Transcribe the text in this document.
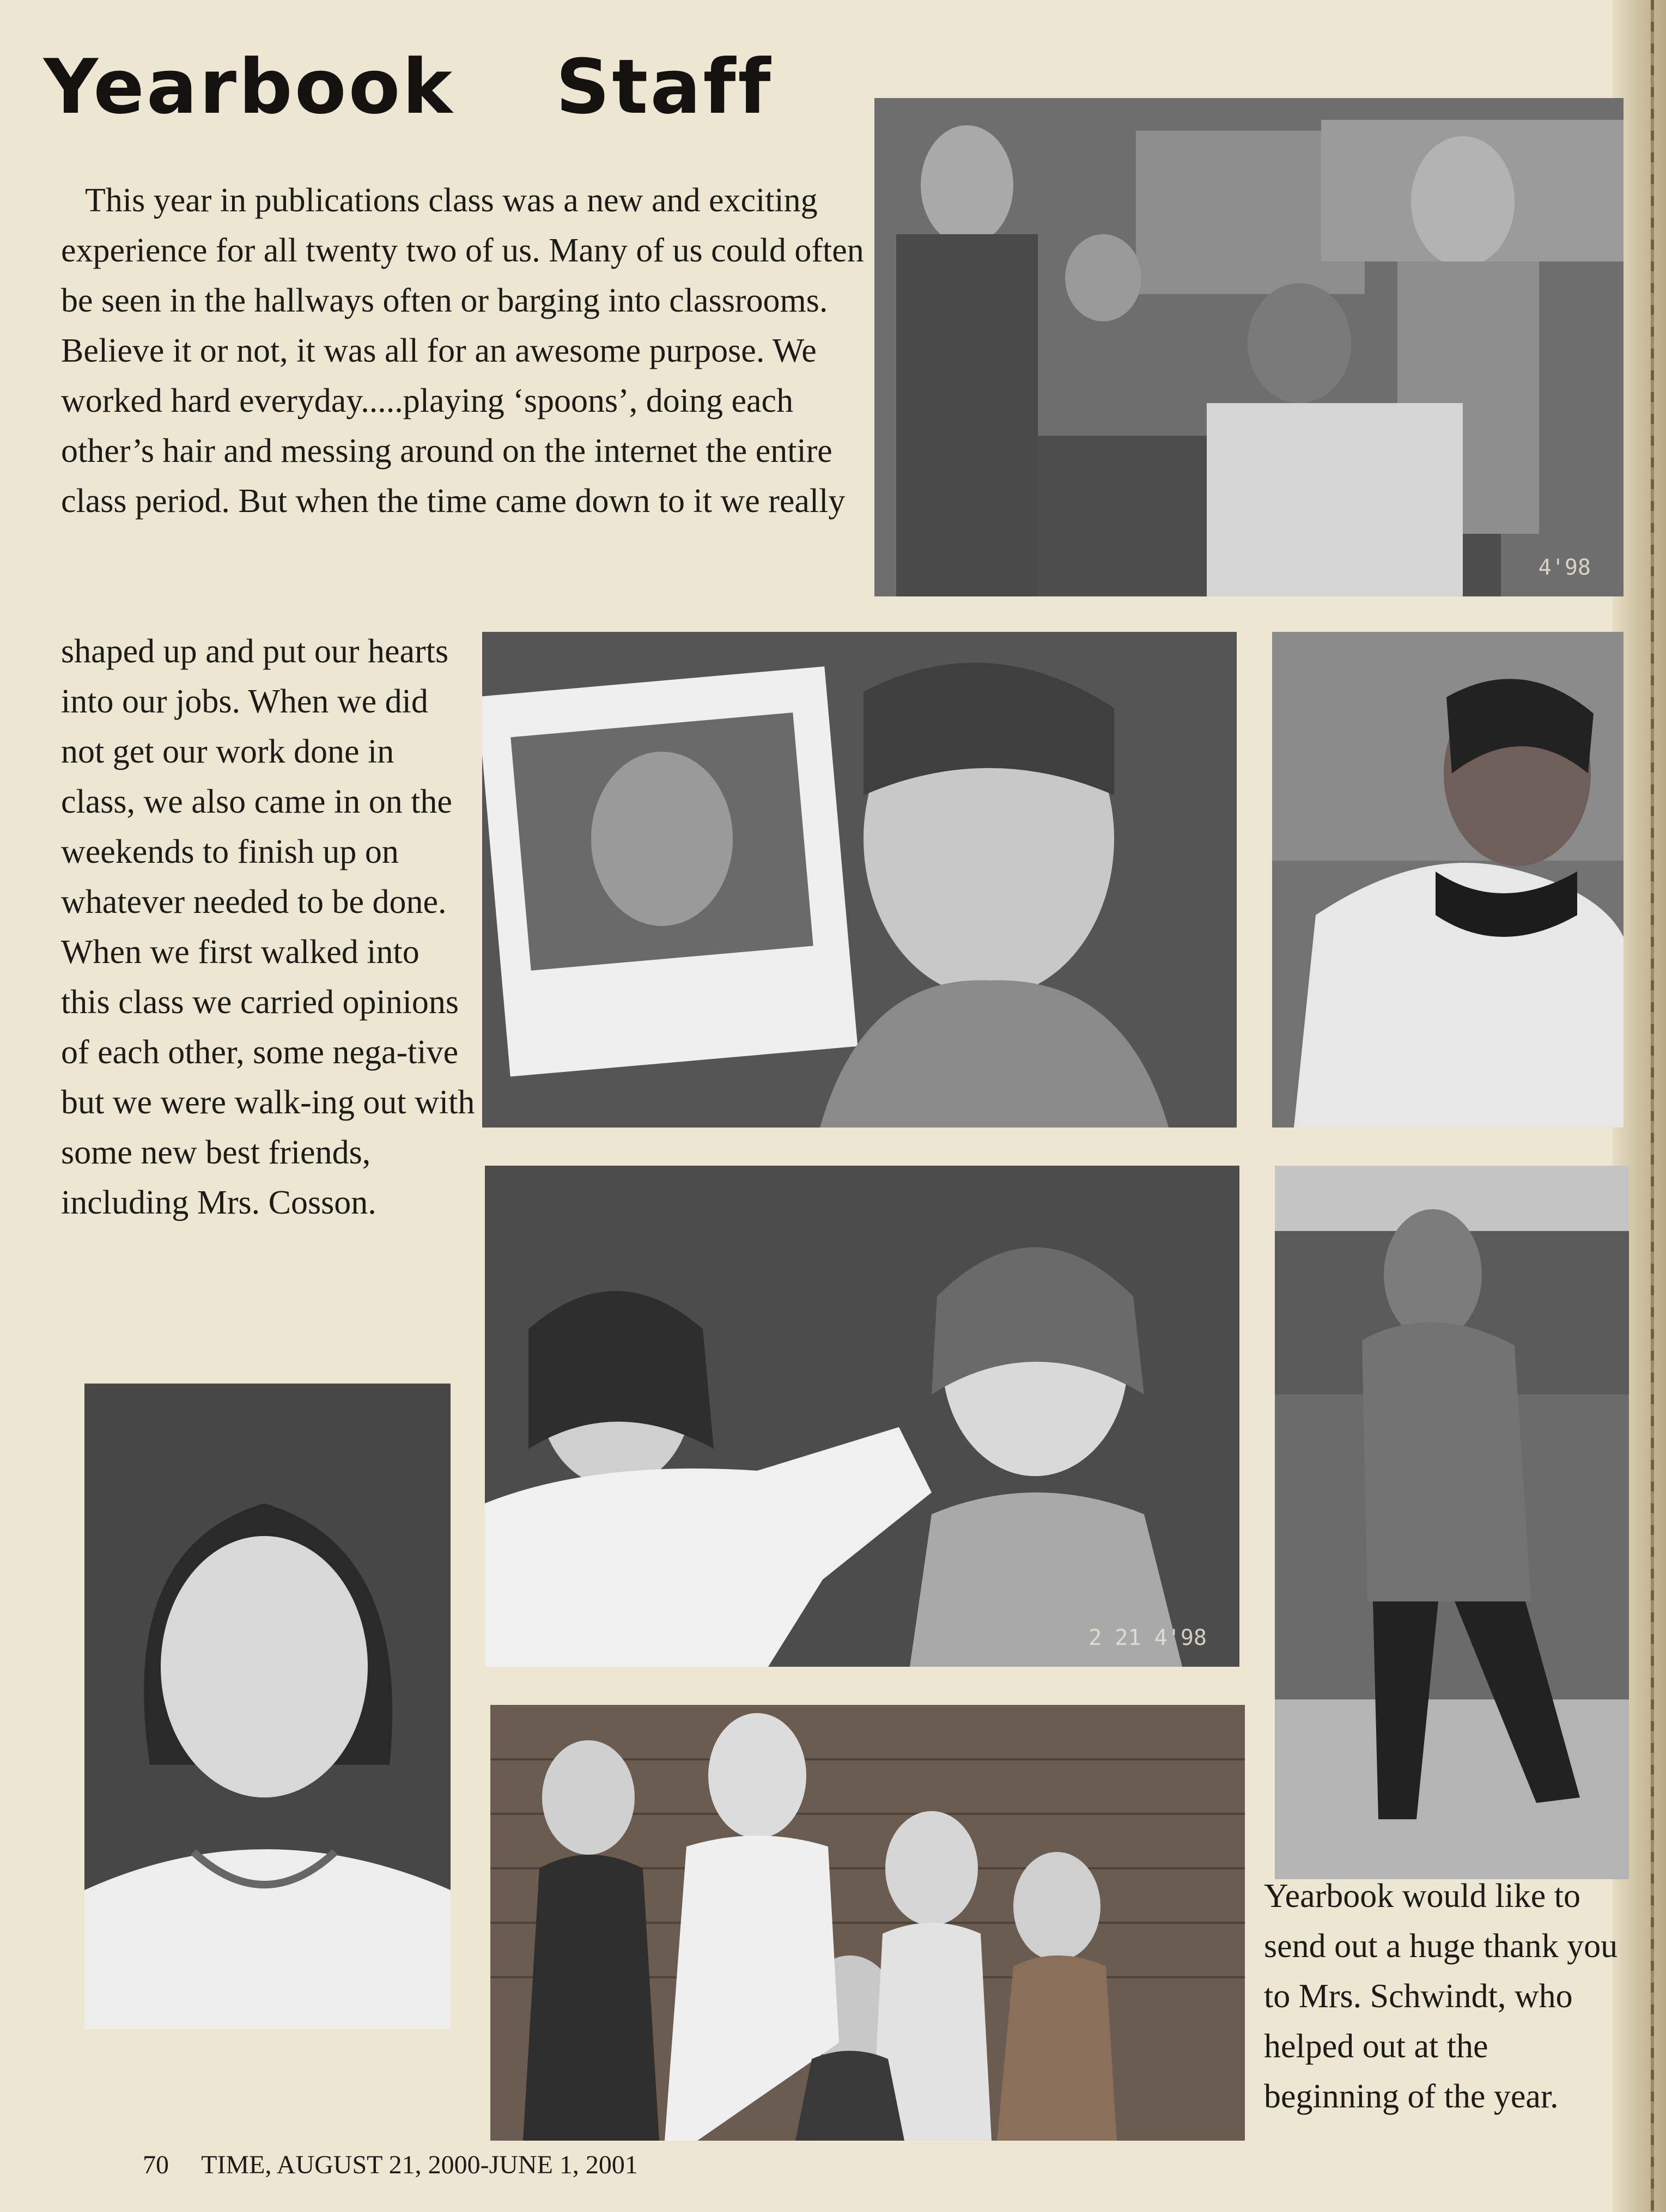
Yearbook Staff

This year in publications class was a new and exciting experience for all twenty two of us. Many of us could often be seen in the hallways often or barging into classrooms. Believe it or not, it was all for an awesome purpose. We worked hard everyday.....playing ‘spoons’, doing each other’s hair and messing around on the internet the entire class period. But when the time came down to it we really

shaped up and put our hearts into our jobs. When we did not get our work done in class, we also came in on the weekends to finish up on whatever needed to be done. When we first walked into this class we carried opinions of each other, some nega-tive but we were walk-ing out with some new best friends, including Mrs. Cosson.

4'98
2 21 4'98

Yearbook would like to send out a huge thank you to Mrs. Schwindt, who helped out at the beginning of the year.

70 TIME, AUGUST 21, 2000-JUNE 1, 2001
